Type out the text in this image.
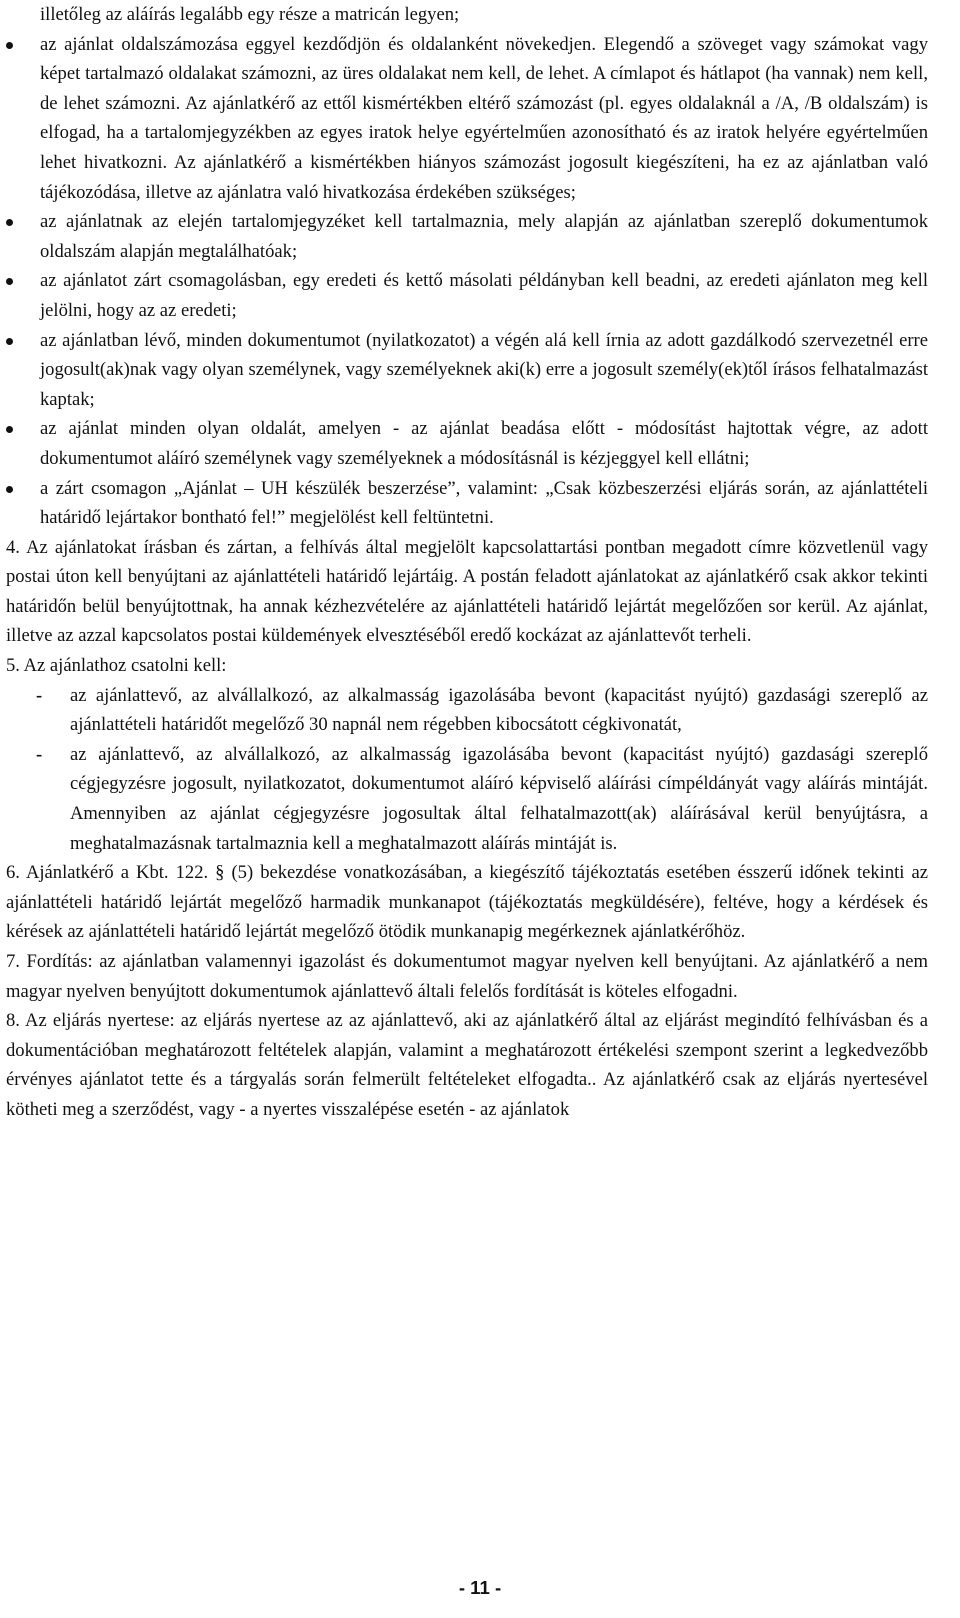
illetőleg az aláírás legalább egy része a matricán legyen;

az ajánlat oldalszámozása eggyel kezdődjön és oldalanként növekedjen. Elegendő a szöveget vagy számokat vagy képet tartalmazó oldalakat számozni, az üres oldalakat nem kell, de lehet. A címlapot és hátlapot (ha vannak) nem kell, de lehet számozni. Az ajánlatkérő az ettől kismértékben eltérő számozást (pl. egyes oldalaknál a /A, /B oldalszám) is elfogad, ha a tartalomjegyzékben az egyes iratok helye egyértelműen azonosítható és az iratok helyére egyértelműen lehet hivatkozni. Az ajánlatkérő a kismértékben hiányos számozást jogosult kiegészíteni, ha ez az ajánlatban való tájékozódása, illetve az ajánlatra való hivatkozása érdekében szükséges;

az ajánlatnak az elején tartalomjegyzéket kell tartalmaznia, mely alapján az ajánlatban szereplő dokumentumok oldalszám alapján megtalálhatóak;

az ajánlatot zárt csomagolásban, egy eredeti és kettő másolati példányban kell beadni, az eredeti ajánlaton meg kell jelölni, hogy az az eredeti;

az ajánlatban lévő, minden dokumentumot (nyilatkozatot) a végén alá kell írnia az adott gazdálkodó szervezetnél erre jogosult(ak)nak vagy olyan személynek, vagy személyeknek aki(k) erre a jogosult személy(ek)től írásos felhatalmazást kaptak;

az ajánlat minden olyan oldalát, amelyen - az ajánlat beadása előtt - módosítást hajtottak végre, az adott dokumentumot aláíró személynek vagy személyeknek a módosításnál is kézjeggyel kell ellátni;

a zárt csomagon „Ajánlat – UH készülék beszerzése”, valamint: „Csak közbeszerzési eljárás során, az ajánlattételi határidő lejártakor bontható fel!” megjelölést kell feltüntetni.

4. Az ajánlatokat írásban és zártan, a felhívás által megjelölt kapcsolattartási pontban megadott címre közvetlenül vagy postai úton kell benyújtani az ajánlattételi határidő lejártáig. A postán feladott ajánlatokat az ajánlatkérő csak akkor tekinti határidőn belül benyújtottnak, ha annak kézhezvételére az ajánlattételi határidő lejártát megelőzően sor kerül. Az ajánlat, illetve az azzal kapcsolatos postai küldemények elvesztéséből eredő kockázat az ajánlattevőt terheli.

5. Az ajánlathoz csatolni kell:

- az ajánlattevő, az alvállalkozó, az alkalmasság igazolásába bevont (kapacitást nyújtó) gazdasági szereplő az ajánlattételi határidőt megelőző 30 napnál nem régebben kibocsátott cégkivonatát,

- az ajánlattevő, az alvállalkozó, az alkalmasság igazolásába bevont (kapacitást nyújtó) gazdasági szereplő cégjegyzésre jogosult, nyilatkozatot, dokumentumot aláíró képviselő aláírási címpéldányát vagy aláírás mintáját. Amennyiben az ajánlat cégjegyzésre jogosultak által felhatalmazott(ak) aláírásával kerül benyújtásra, a meghatalmazásnak tartalmaznia kell a meghatalmazott aláírás mintáját is.

6. Ajánlatkérő a Kbt. 122. § (5) bekezdése vonatkozásában, a kiegészítő tájékoztatás esetében ésszerű időnek tekinti az ajánlattételi határidő lejártát megelőző harmadik munkanapot (tájékoztatás megküldésére), feltéve, hogy a kérdések és kérések az ajánlattételi határidő lejártát megelőző ötödik munkanapig megérkeznek ajánlatkérőhöz.

7. Fordítás: az ajánlatban valamennyi igazolást és dokumentumot magyar nyelven kell benyújtani. Az ajánlatkérő a nem magyar nyelven benyújtott dokumentumok ajánlattevő általi felelős fordítását is köteles elfogadni.

8. Az eljárás nyertese: az eljárás nyertese az az ajánlattevő, aki az ajánlatkérő által az eljárást megindító felhívásban és a dokumentációban meghatározott feltételek alapján, valamint a meghatározott értékelési szempont szerint a legkedvezőbb érvényes ajánlatot tette és a tárgyalás során felmerült feltételeket elfogadta.. Az ajánlatkérő csak az eljárás nyertesével kötheti meg a szerződést, vagy - a nyertes visszalépése esetén - az ajánlatok

- 11 -
